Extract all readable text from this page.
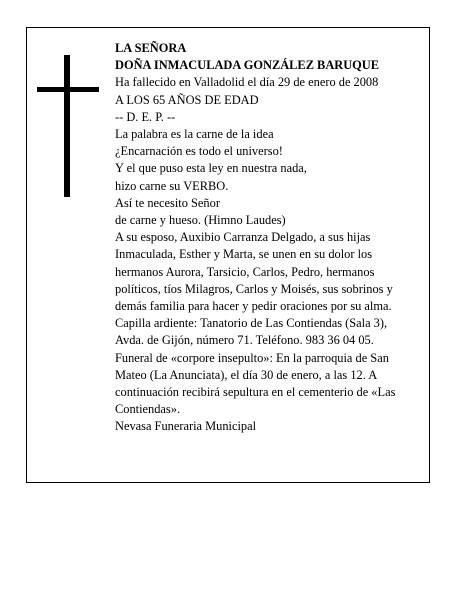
LA SEÑORA
DOÑA INMACULADA GONZÁLEZ BARUQUE
Ha fallecido en Valladolid el día 29 de enero de 2008
A LOS 65 AÑOS DE EDAD
-- D. E. P. --
La palabra es la carne de la idea
¿Encarnación es todo el universo!
Y el que puso esta ley en nuestra nada,
hizo carne su VERBO.
Así te necesito Señor
de carne y hueso. (Himno Laudes)
A su esposo, Auxibio Carranza Delgado, a sus hijas
Inmaculada, Esther y Marta, se unen en su dolor los
hermanos Aurora, Tarsicio, Carlos, Pedro, hermanos
políticos, tíos Milagros, Carlos y Moisés, sus sobrinos y
demás familia para hacer y pedir oraciones por su alma.
Capilla ardiente: Tanatorio de Las Contiendas (Sala 3),
Avda. de Gijón, número 71. Teléfono. 983 36 04 05.
Funeral de «corpore insepulto»: En la parroquia de San
Mateo (La Anunciata), el día 30 de enero, a las 12. A
continuación recibirá sepultura en el cementerio de «Las
Contiendas».
Nevasa Funeraria Municipal
